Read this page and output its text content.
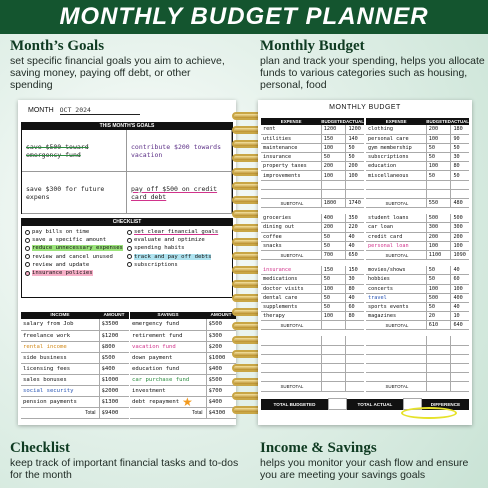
MONTHLY BUDGET PLANNER
Month’s Goals
set specific financial goals you aim to achieve, saving money, paying off debt, or other spending
Monthly Budget
plan and track your spending, helps you allocate funds to various categories such as housing, personal, food
Checklist
keep track of important financial tasks and to-dos for the month
Income & Savings
helps you monitor your cash flow and ensure you are meeting your savings goals
MONTH OCT 2024
THIS MONTH'S GOALS
save $500 toward emergency fund
contribute $200 towards vacation
save $300 for future expens
pay off $500 on credit card debt
CHECKLIST
pay bills on time
save a specific amount
reduce unnecessary expenses
review and cancel unused
review and update
insurance policies
set clear financial goals
evaluate and optimize
spending habits
track and pay off debts
subscriptions
★
INCOME	AMOUNT
salary from Job	$3500
freelance work	$1200
rental income	$800
side business	$500
licensing fees	$400
sales bonuses	$1000
social security	$2000
pension payments	$1300
Total	$9400
SAVINGS	AMOUNT
emergency fund	$500
retirement fund	$300
vacation fund	$200
down payment	$1000
education fund	$400
car purchase fund	$500
investment	$700
debt repayment	$400
Total	$4300
MONTHLY BUDGET
EXPENSE	BUDGETED	ACTUAL
rent	1200	1200
utilities	150	140
maintenance	100	50
insurance	50	50
property taxes	200	200
improvements	100	100

SUBTOTAL	1800	1740

groceries	400	350
dining out	200	220
coffee	50	40
snacks	50	40
SUBTOTAL	700	650

insurance	150	150
medications	50	30
doctor visits	100	80
dental care	50	40
supplements	50	60
therapy	100	80
SUBTOTAL		

SUBTOTAL		

EXPENSE	BUDGETED	ACTUAL
clothing	200	180
personal care	100	90
gym membership	50	50
subscriptions	50	30
education	100	80
miscellaneous	50	50

SUBTOTAL	550	480

student loans	500	500
car loan	300	300
credit card	200	200
personal loan	100	100
SUBTOTAL	1100	1090

movies/shows	50	40
hobbies	50	60
concerts	100	100
travel	500	400
sports events	50	40
magazines	20	10
SUBTOTAL	610	640

SUBTOTAL		

TOTAL BUDGETED		TOTAL ACTUAL		DIFFERENCE
